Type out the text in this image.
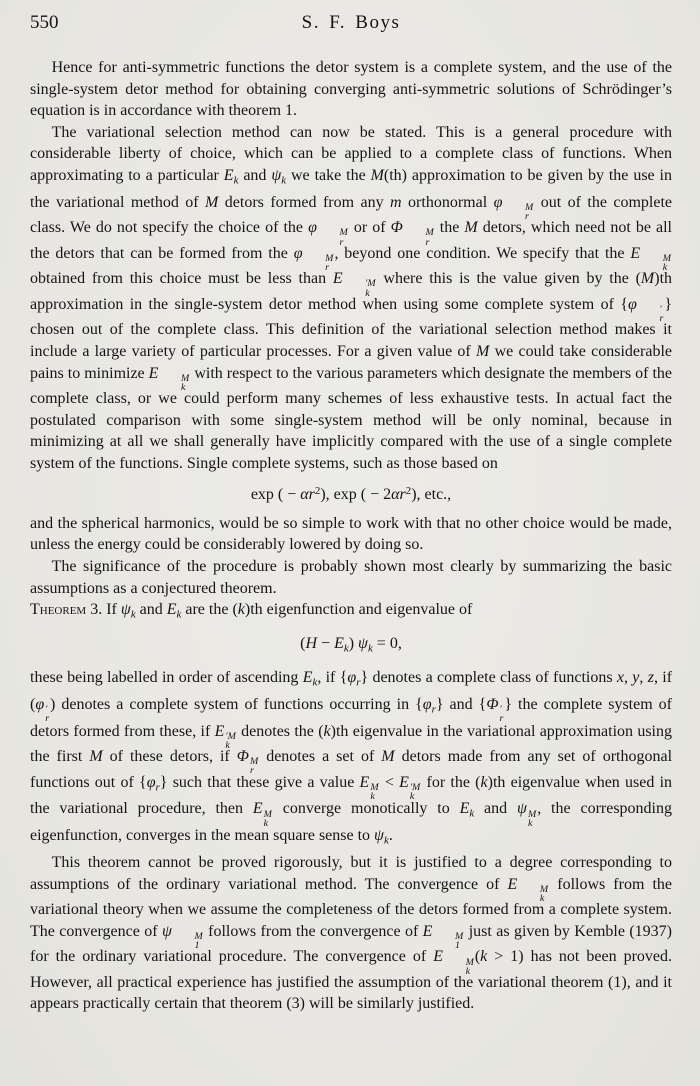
550	S. F. Boys

Hence for anti-symmetric functions the detor system is a complete system, and the use of the single-system detor method for obtaining converging anti-symmetric solutions of Schrödinger’s equation is in accordance with theorem 1.

The variational selection method can now be stated. This is a general procedure with considerable liberty of choice, which can be applied to a complete class of functions. When approximating to a particular $E_k$ and $\psi_k$ we take the M(th) approximation to be given by the use in the variational method of M detors formed from any m orthonormal φ	M
r
out of the complete class. We do not specify the choice of the φ	M
r
or of Φ	M
r
the M detors, which need not be all the detors that can be formed from the φ	M
r
, beyond one condition. We specify that the E	M
k
obtained from this choice must be less than E	′M
k
where this is the value given by the (M)th approximation in the single-system detor method when using some complete system of {φ	′
r
} chosen out of the complete class. This definition of the variational selection method makes it include a large variety of particular processes. For a given value of M we could take considerable pains to minimize E	M
k
with respect to the various parameters which designate the members of the complete class, or we could perform many schemes of less exhaustive tests. In actual fact the postulated comparison with some single-system method will be only nominal, because in minimizing at all we shall generally have implicitly compared with the use of a single complete system of the functions. Single complete systems, such as those based on

exp ( − $\alpha r^2$), exp ( − $2\alpha r^2$), etc.,

and the spherical harmonics, would be so simple to work with that no other choice would be made, unless the energy could be considerably lowered by doing so.

The significance of the procedure is probably shown most clearly by summarizing the basic assumptions as a conjectured theorem.

Theorem 3. If $\psi_k$ and $E_k$ are the (k)th eigenfunction and eigenvalue of

$(H - E_k)$ $\psi_k = 0$,

these being labelled in order of ascending $E_k$, if $\{\varphi_r\}$ denotes a complete class of functions x, y, z, if (φ ′
r
) denotes a complete system of functions occurring in $\{\varphi_r\}$ and {Φ ′
r
} the complete system of detors formed from these, if E ′M
k
denotes the (k)th eigenvalue in the variational approximation using the first M of these detors, if Φ M
r
denotes a set of M detors made from any set of orthogonal functions out of $\{\varphi_r\}$ such that these give a value E M
k
< E ′M
k
for the (k)th eigenvalue when used in the variational procedure, then E M
k
converge monotically to $E_k$ and ψ M
k
, the corresponding eigenfunction, converges in the mean square sense to $\psi_k$.

This theorem cannot be proved rigorously, but it is justified to a degree corresponding to assumptions of the ordinary variational method. The convergence of E	M
k
follows from the variational theory when we assume the completeness of the detors formed from a complete system. The convergence of ψ	M
1
follows from the convergence of E	M
1
just as given by Kemble (1937) for the ordinary variational procedure. The convergence of E	M
k
(k > 1) has not been proved. However, all practical experience has justified the assumption of the variational theorem (1), and it appears practically certain that theorem (3) will be similarly justified.
